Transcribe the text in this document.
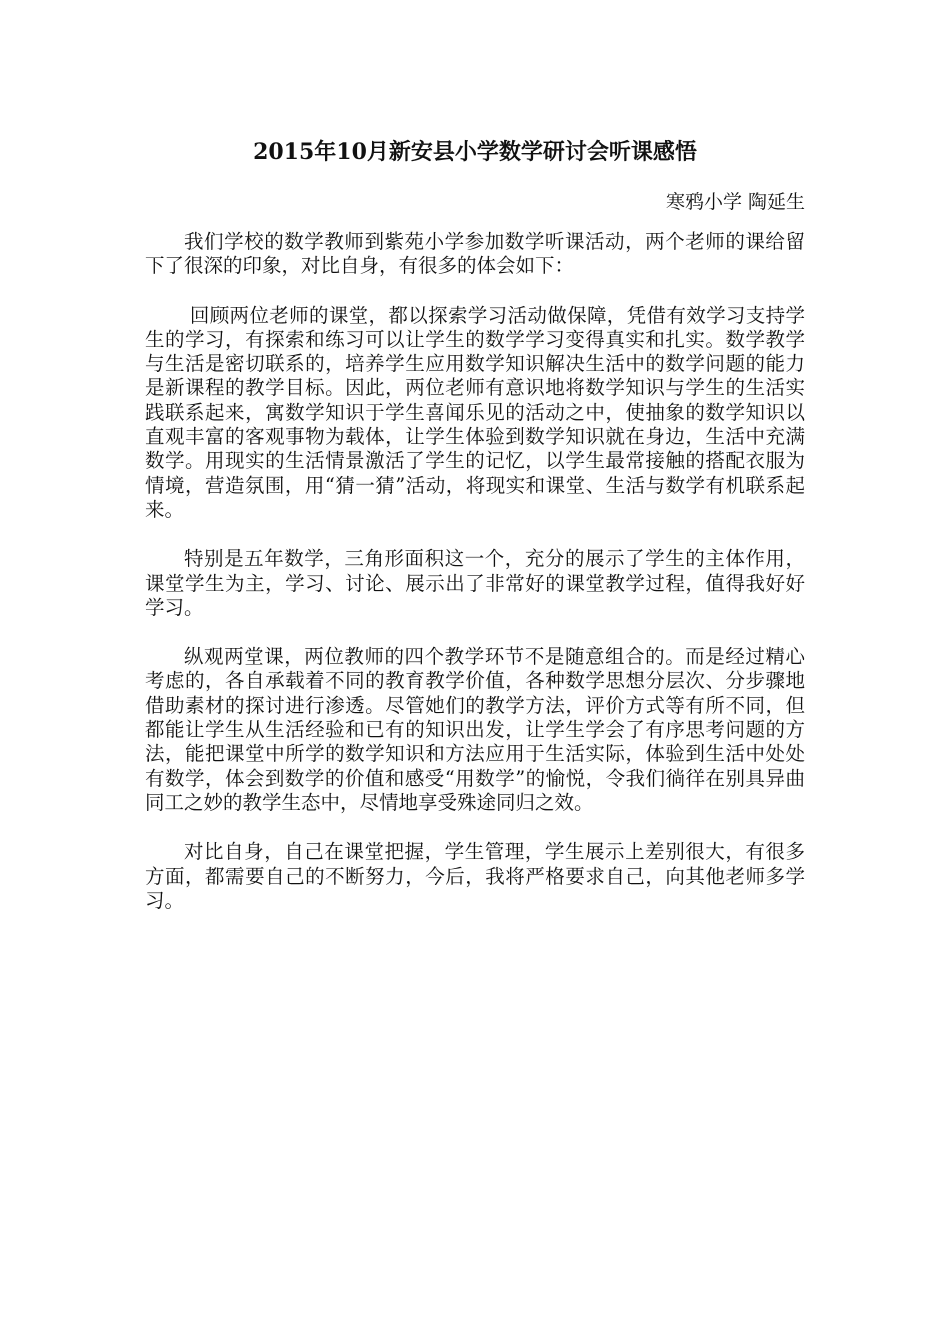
2015年10月新安县小学数学研讨会听课感悟

寒鸦小学 陶延生

我们学校的数学教师到紫苑小学参加数学听课活动，两个老师的课给留下了很深的印象，对比自身，有很多的体会如下：

回顾两位老师的课堂，都以探索学习活动做保障，凭借有效学习支持学生的学习，有探索和练习可以让学生的数学学习变得真实和扎实。数学教学与生活是密切联系的，培养学生应用数学知识解决生活中的数学问题的能力是新课程的教学目标。因此，两位老师有意识地将数学知识与学生的生活实践联系起来，寓数学知识于学生喜闻乐见的活动之中，使抽象的数学知识以直观丰富的客观事物为载体，让学生体验到数学知识就在身边，生活中充满数学。用现实的生活情景激活了学生的记忆，以学生最常接触的搭配衣服为情境，营造氛围，用“猜一猜”活动，将现实和课堂、生活与数学有机联系起来。

特别是五年数学，三角形面积这一个，充分的展示了学生的主体作用，课堂学生为主，学习、讨论、展示出了非常好的课堂教学过程，值得我好好学习。

纵观两堂课，两位教师的四个教学环节不是随意组合的。而是经过精心考虑的，各自承载着不同的教育教学价值，各种数学思想分层次、分步骤地借助素材的探讨进行渗透。尽管她们的教学方法，评价方式等有所不同，但都能让学生从生活经验和已有的知识出发，让学生学会了有序思考问题的方法，能把课堂中所学的数学知识和方法应用于生活实际，体验到生活中处处有数学，体会到数学的价值和感受“用数学”的愉悦，令我们徜徉在别具异曲同工之妙的教学生态中，尽情地享受殊途同归之效。

对比自身，自己在课堂把握，学生管理，学生展示上差别很大，有很多方面，都需要自己的不断努力，今后，我将严格要求自己，向其他老师多学习。
